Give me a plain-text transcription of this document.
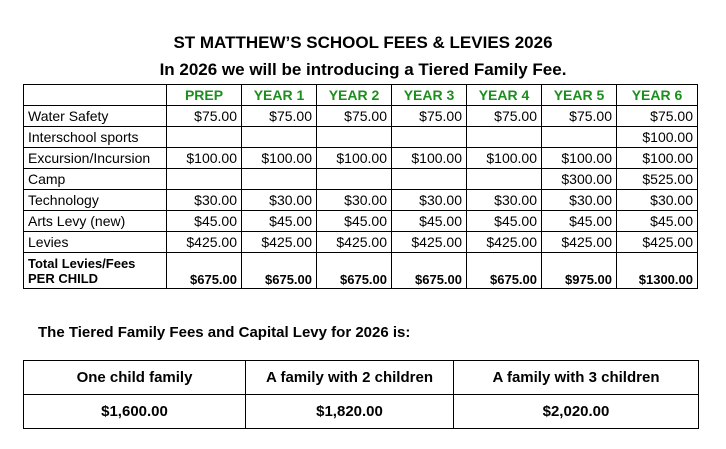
ST MATTHEW’S SCHOOL FEES & LEVIES 2026
In 2026 we will be introducing a Tiered Family Fee.
	PREP	YEAR 1	YEAR 2	YEAR 3	YEAR 4	YEAR 5	YEAR 6
Water Safety	$75.00	$75.00	$75.00	$75.00	$75.00	$75.00	$75.00
Interschool sports							$100.00
Excursion/Incursion	$100.00	$100.00	$100.00	$100.00	$100.00	$100.00	$100.00
Camp						$300.00	$525.00
Technology	$30.00	$30.00	$30.00	$30.00	$30.00	$30.00	$30.00
Arts Levy (new)	$45.00	$45.00	$45.00	$45.00	$45.00	$45.00	$45.00
Levies	$425.00	$425.00	$425.00	$425.00	$425.00	$425.00	$425.00

Total Levies/Fees
PER CHILD	$675.00	$675.00	$675.00	$675.00	$675.00	$975.00	$1300.00
The Tiered Family Fees and Capital Levy for 2026 is:
One child family	A family with 2 children	A family with 3 children
$1,600.00	$1,820.00	$2,020.00
